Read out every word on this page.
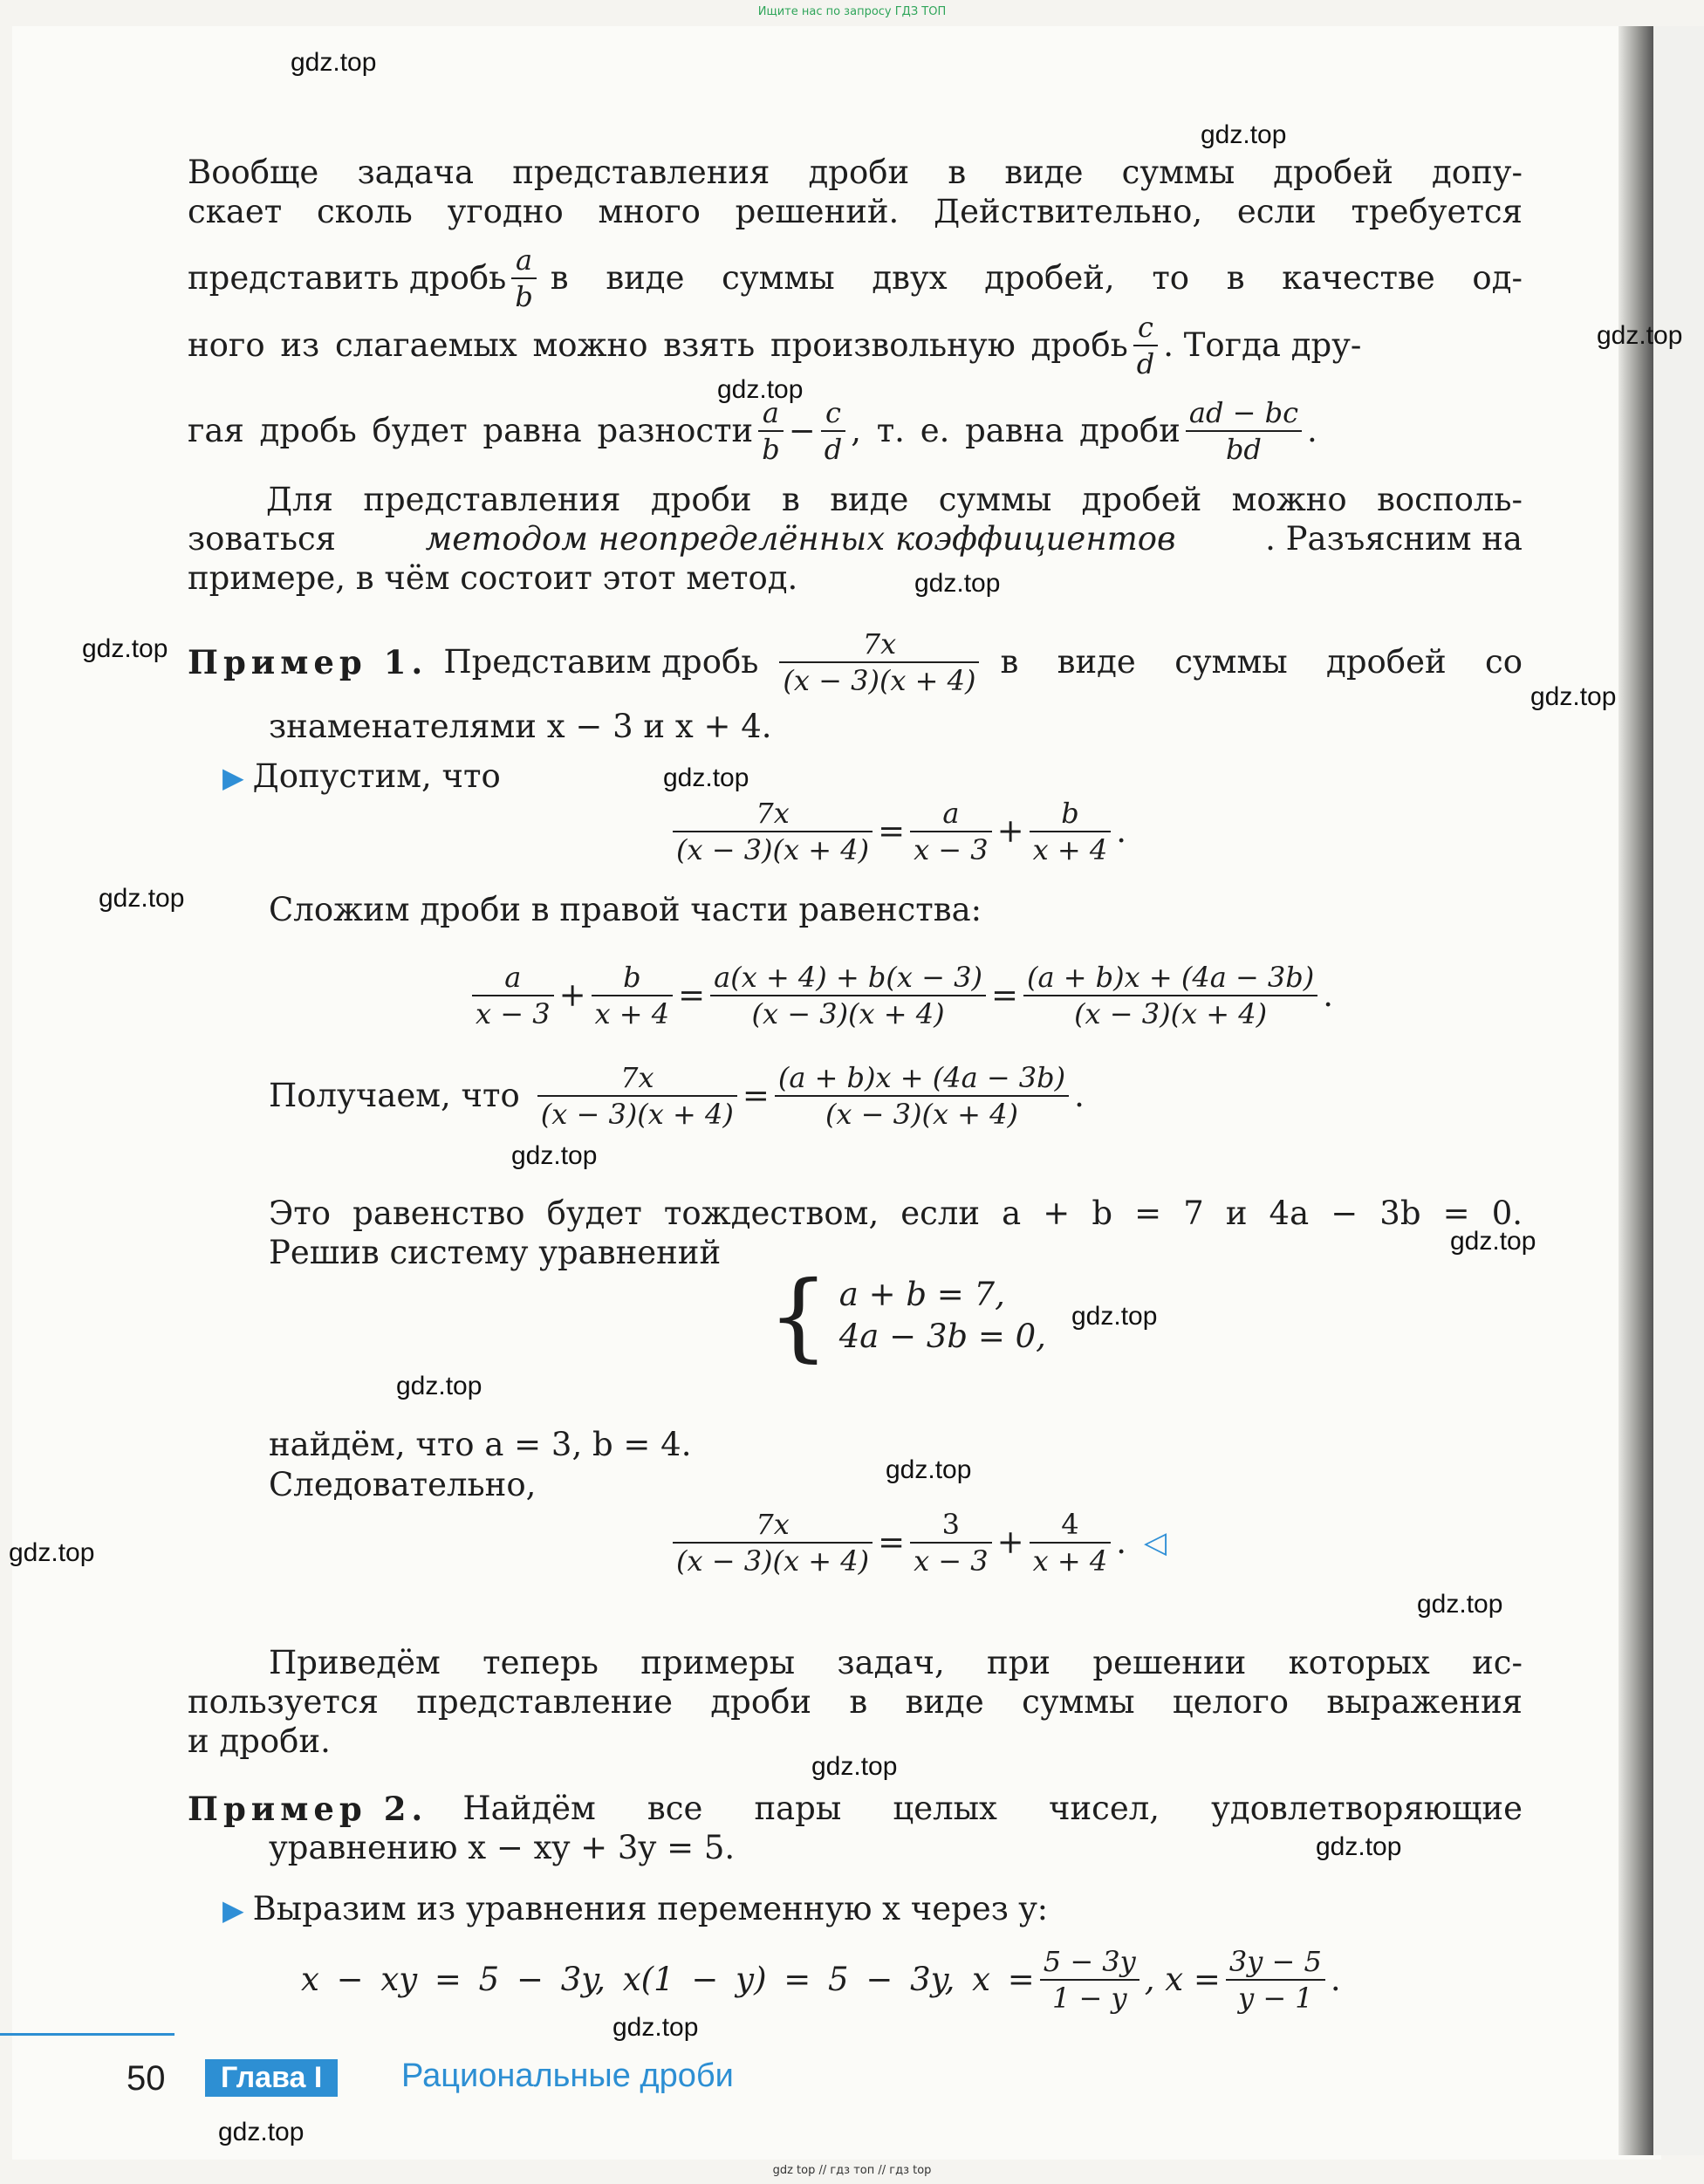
Ищите нас по запросу ГДЗ ТОП
gdz.top
gdz.top
gdz.top
gdz.top
gdz.top
gdz.top
gdz.top
gdz.top
gdz.top
gdz.top
gdz.top
gdz.top
gdz.top
gdz.top
gdz.top
gdz.top
gdz.top
gdz.top
gdz.top
gdz.top
Вообще задача представления дроби в виде суммы дробей допу-
скает сколь угодно много решений. Действительно, если требуется
представить дробь $\frac{a}{b}$ в виде суммы двух дробей, то в качестве од-
ного из слагаемых можно взять произвольную дробь $\frac{c}{d}$ . Тогда дру-
гая дробь будет равна разности $\frac{a}{b} - \frac{c}{d}$ , т. е. равна дроби $\frac{ad - bc}{bd}$ .
Для представления дроби в виде суммы дробей можно восполь-
зоваться	методом неопределённых коэффициентов	. Разъясним на
примере, в чём состоит этот метод.
Пример 1. Представим дробь $\frac{7x}{(x - 3)(x + 4)}$ в виде суммы дробей со
знаменателями x − 3 и x + 4.
▶ Допустим, что
$\frac{7x}{(x - 3)(x + 4)} = \frac{a}{x - 3} + \frac{b}{x + 4}$ .
Сложим дроби в правой части равенства:
$\frac{a}{x - 3} + \frac{b}{x + 4} = \frac{a(x + 4) + b(x - 3)}{(x - 3)(x + 4)} = \frac{(a + b)x + (4a - 3b)}{(x - 3)(x + 4)}$ .
Получаем, что $\frac{7x}{(x - 3)(x + 4)} = \frac{(a + b)x + (4a - 3b)}{(x - 3)(x + 4)}$ .
Это равенство будет тождеством, если a + b = 7 и 4a − 3b = 0.
Решив систему уравнений
{ a + b = 7,
4a − 3b = 0,
найдём, что a = 3, b = 4.
Следовательно,
$\frac{7x}{(x - 3)(x + 4)} = \frac{3}{x - 3} + \frac{4}{x + 4}$ . ◁
Приведём теперь примеры задач, при решении которых ис-
пользуется представление дроби в виде суммы целого выражения
и дроби.
Пример 2. Найдём все пары целых чисел, удовлетворяющие
уравнению x − xy + 3y = 5.
▶ Выразим из уравнения переменную x через y:
x − xy = 5 − 3y, x(1 − y) = 5 − 3y, $x = \frac{5 - 3y}{1 - y}$ , $x = \frac{3y - 5}{y - 1}$ .
50	Глава I	Рациональные дроби
gdz top // гдз топ // гдз top
